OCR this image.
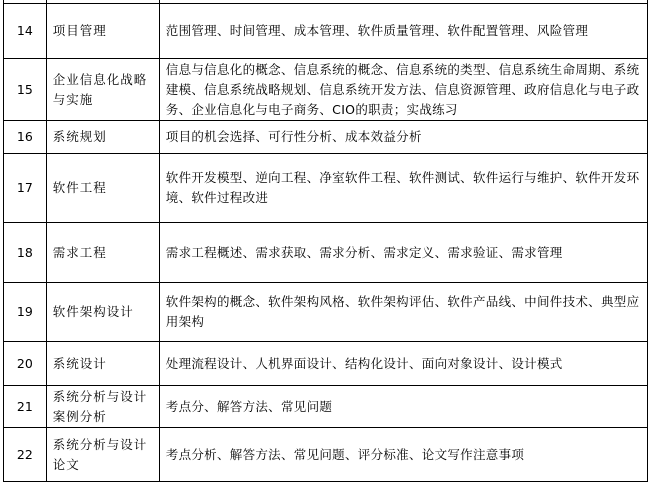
14	项目管理	范围管理、时间管理、成本管理、软件质量管理、软件配置管理、风险管理
15	企业信息化战略与实施	信息与信息化的概念、信息系统的概念、信息系统的类型、信息系统生命周期、系统建模、信息系统战略规划、信息系统开发方法、信息资源管理、政府信息化与电子政务、企业信息化与电子商务、CIO的职责；实战练习
16	系统规划	项目的机会选择、可行性分析、成本效益分析
17	软件工程	软件开发模型、逆向工程、净室软件工程、软件测试、软件运行与维护、软件开发环境、软件过程改进
18	需求工程	需求工程概述、需求获取、需求分析、需求定义、需求验证、需求管理
19	软件架构设计	软件架构的概念、软件架构风格、软件架构评估、软件产品线、中间件技术、典型应用架构
20	系统设计	处理流程设计、人机界面设计、结构化设计、面向对象设计、设计模式
21	系统分析与设计案例分析	考点分、解答方法、常见问题
22	系统分析与设计论文	考点分析、解答方法、常见问题、评分标准、论文写作注意事项
